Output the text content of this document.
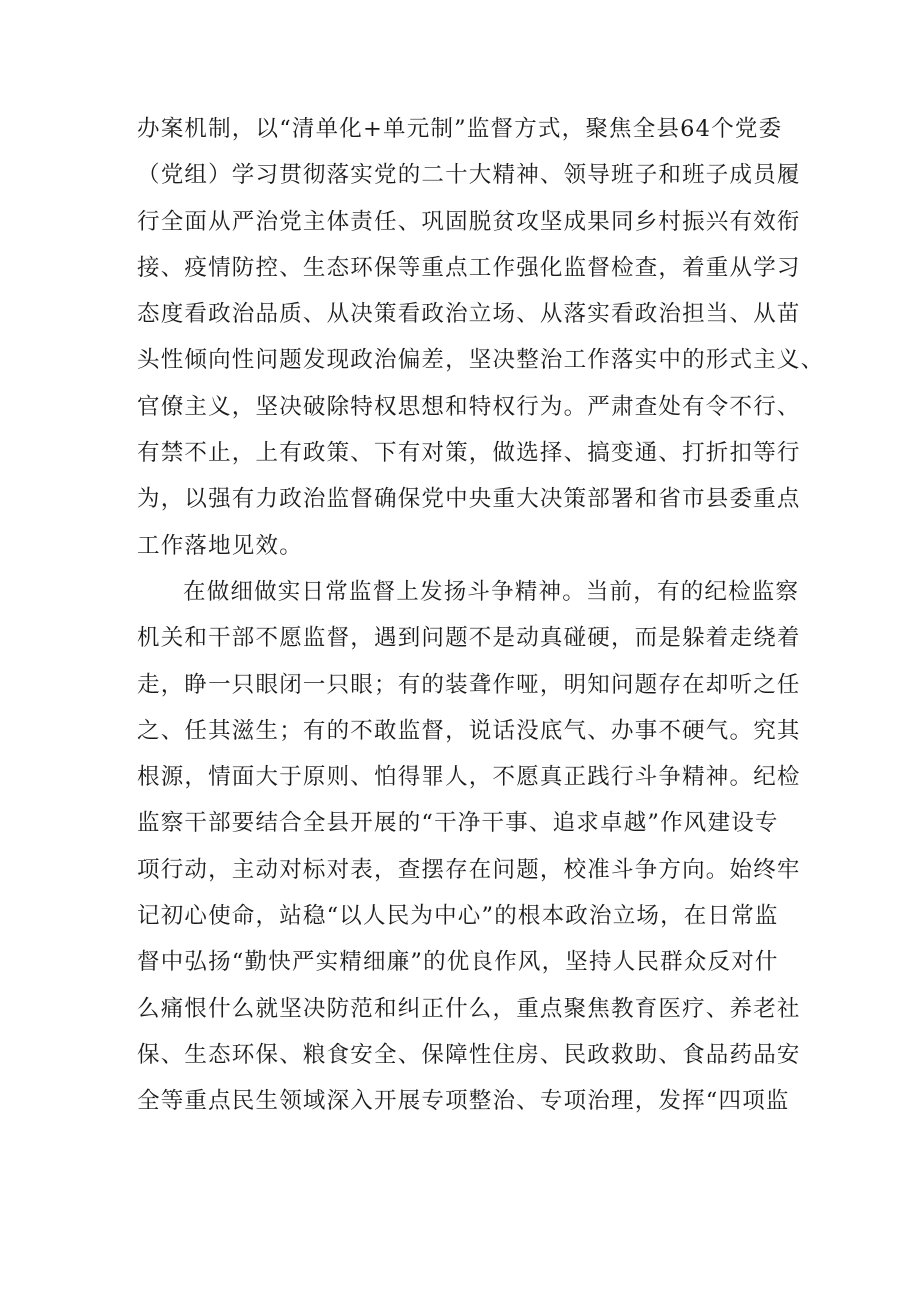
办案机制，以“清单化+单元制”监督方式，聚焦全县64个党委
（党组）学习贯彻落实党的二十大精神、领导班子和班子成员履
行全面从严治党主体责任、巩固脱贫攻坚成果同乡村振兴有效衔
接、疫情防控、生态环保等重点工作强化监督检查，着重从学习
态度看政治品质、从决策看政治立场、从落实看政治担当、从苗
头性倾向性问题发现政治偏差，坚决整治工作落实中的形式主义、
官僚主义，坚决破除特权思想和特权行为。严肃查处有令不行、
有禁不止，上有政策、下有对策，做选择、搞变通、打折扣等行
为，以强有力政治监督确保党中央重大决策部署和省市县委重点
工作落地见效。
在做细做实日常监督上发扬斗争精神。当前，有的纪检监察
机关和干部不愿监督，遇到问题不是动真碰硬，而是躲着走绕着
走，睁一只眼闭一只眼；有的装聋作哑，明知问题存在却听之任
之、任其滋生；有的不敢监督，说话没底气、办事不硬气。究其
根源，情面大于原则、怕得罪人，不愿真正践行斗争精神。纪检
监察干部要结合全县开展的“干净干事、追求卓越”作风建设专
项行动，主动对标对表，查摆存在问题，校准斗争方向。始终牢
记初心使命，站稳“以人民为中心”的根本政治立场，在日常监
督中弘扬“勤快严实精细廉”的优良作风，坚持人民群众反对什
么痛恨什么就坚决防范和纠正什么，重点聚焦教育医疗、养老社
保、生态环保、粮食安全、保障性住房、民政救助、食品药品安
全等重点民生领域深入开展专项整治、专项治理，发挥“四项监
